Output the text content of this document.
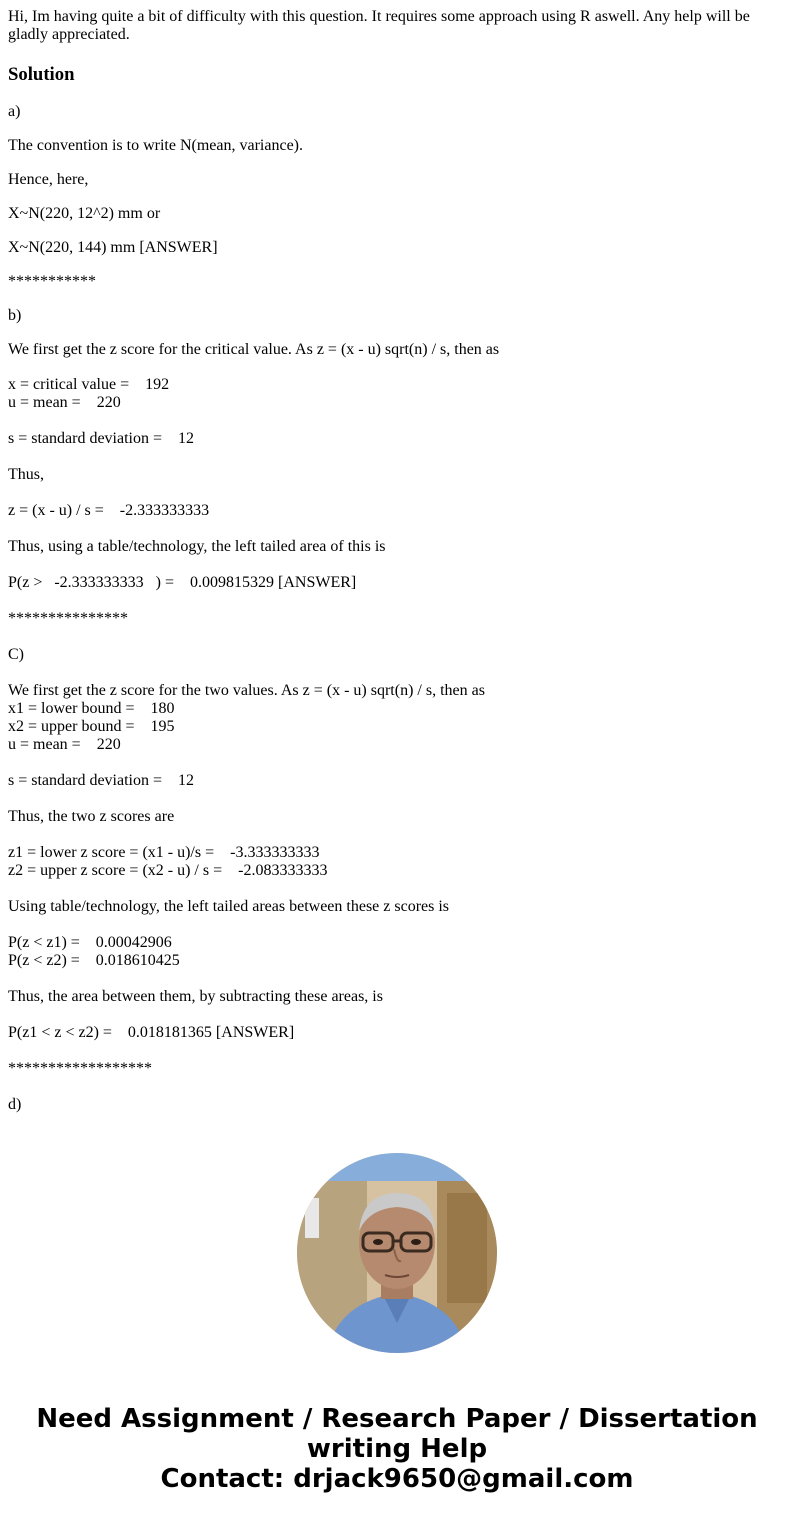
Hi, Im having quite a bit of difficulty with this question. It requires some approach using R aswell. Any help will be gladly appreciated.

Solution

a)

The convention is to write N(mean, variance).

Hence, here,

X~N(220, 12^2) mm or

X~N(220, 144) mm [ANSWER]

***********

b)

We first get the z score for the critical value. As z = (x - u) sqrt(n) / s, then as

x = critical value =    192

u = mean =    220

s = standard deviation =    12

Thus,

z = (x - u) / s =    -2.333333333

Thus, using a table/technology, the left tailed area of this is

P(z >   -2.333333333   ) =    0.009815329 [ANSWER]

***************

C)

We first get the z score for the two values. As z = (x - u) sqrt(n) / s, then as

x1 = lower bound =    180

x2 = upper bound =    195

u = mean =    220

s = standard deviation =    12

Thus, the two z scores are

z1 = lower z score = (x1 - u)/s =    -3.333333333

z2 = upper z score = (x2 - u) / s =    -2.083333333

Using table/technology, the left tailed areas between these z scores is

P(z < z1) =    0.00042906

P(z < z2) =    0.018610425

Thus, the area between them, by subtracting these areas, is

P(z1 < z < z2) =    0.018181365 [ANSWER]

******************

d)

Need Assignment / Research Paper / Dissertation
writing Help
Contact: drjack9650@gmail.com
